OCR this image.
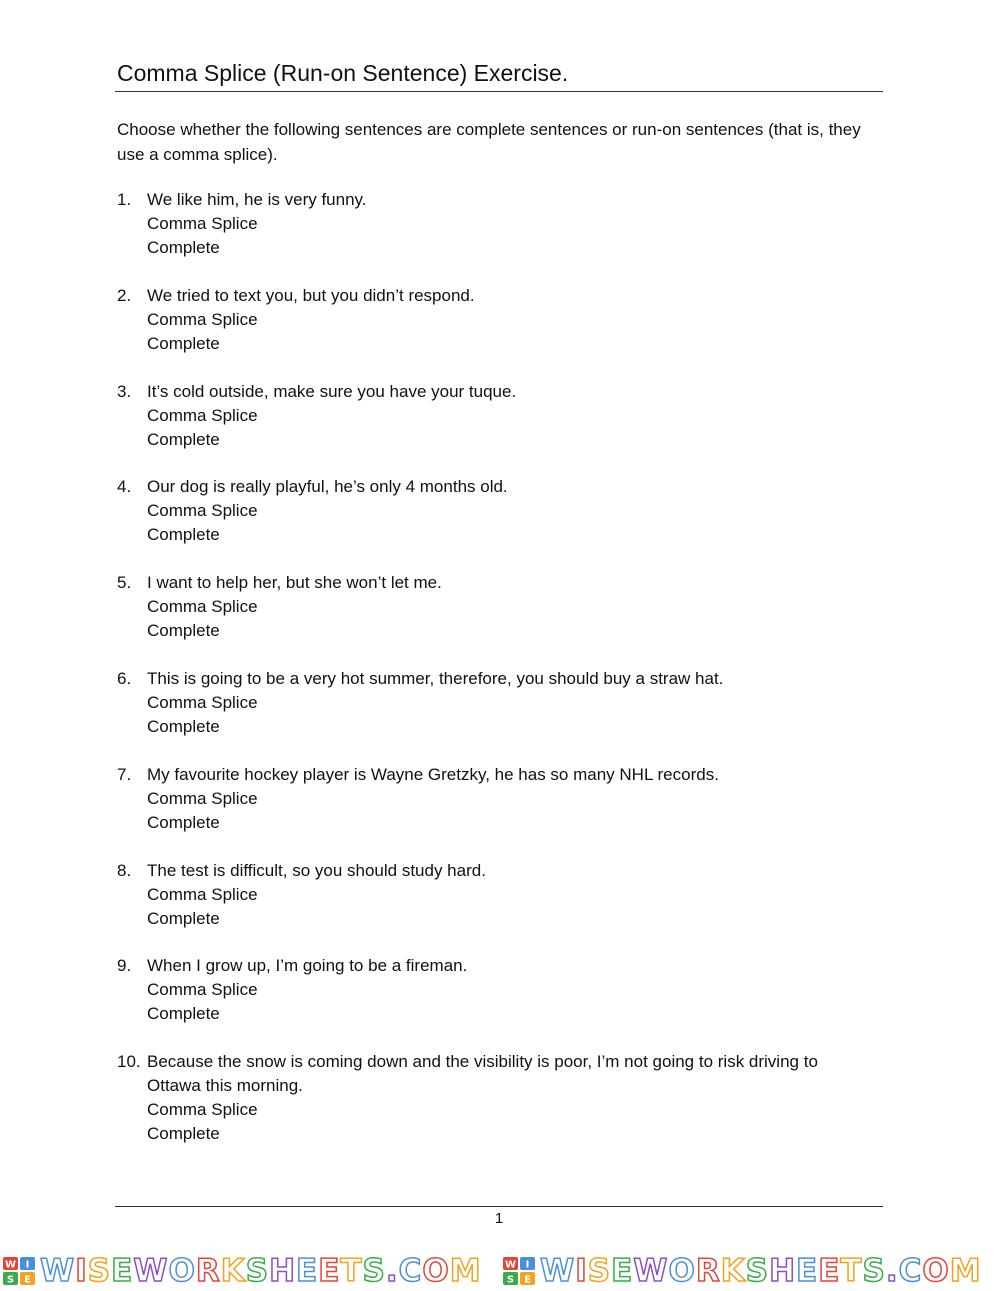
Comma Splice (Run-on Sentence) Exercise.
Choose whether the following sentences are complete sentences or run-on sentences (that is, they use a comma splice).
1. We like him, he is very funny.
Comma Splice
Complete
2. We tried to text you, but you didn’t respond.
Comma Splice
Complete
3. It’s cold outside, make sure you have your tuque.
Comma Splice
Complete
4. Our dog is really playful, he’s only 4 months old.
Comma Splice
Complete
5. I want to help her, but she won’t let me.
Comma Splice
Complete
6. This is going to be a very hot summer, therefore, you should buy a straw hat.
Comma Splice
Complete
7. My favourite hockey player is Wayne Gretzky, he has so many NHL records.
Comma Splice
Complete
8. The test is difficult, so you should study hard.
Comma Splice
Complete
9. When I grow up, I’m going to be a fireman.
Comma Splice
Complete
10. Because the snow is coming down and the visibility is poor, I’m not going to risk driving to
Ottawa this morning.
Comma Splice
Complete
1
W I
S E WISEWORKSHEETS.COM W I
S E WISEWORKSHEETS.COM
